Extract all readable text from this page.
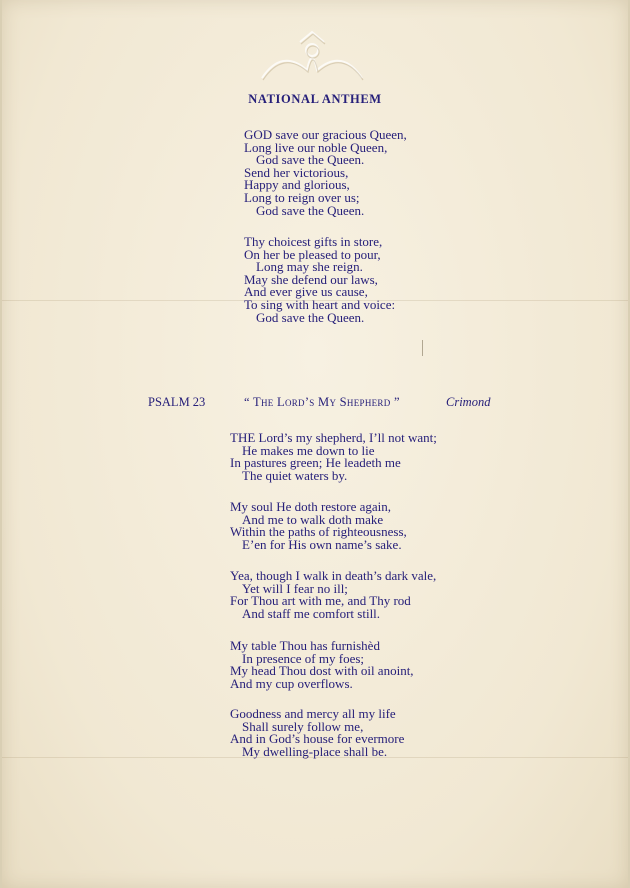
NATIONAL ANTHEM
GOD save our gracious Queen,
Long live our noble Queen,
God save the Queen.
Send her victorious,
Happy and glorious,
Long to reign over us;
God save the Queen.
Thy choicest gifts in store,
On her be pleased to pour,
Long may she reign.
May she defend our laws,
And ever give us cause,
To sing with heart and voice:
God save the Queen.
PSALM 23	“ The Lord’s My Shepherd ”	Crimond
THE Lord’s my shepherd, I’ll not want;
He makes me down to lie
In pastures green; He leadeth me
The quiet waters by.
My soul He doth restore again,
And me to walk doth make
Within the paths of righteousness,
E’en for His own name’s sake.
Yea, though I walk in death’s dark vale,
Yet will I fear no ill;
For Thou art with me, and Thy rod
And staff me comfort still.
My table Thou has furnishèd
In presence of my foes;
My head Thou dost with oil anoint,
And my cup overflows.
Goodness and mercy all my life
Shall surely follow me,
And in God’s house for evermore
My dwelling-place shall be.
